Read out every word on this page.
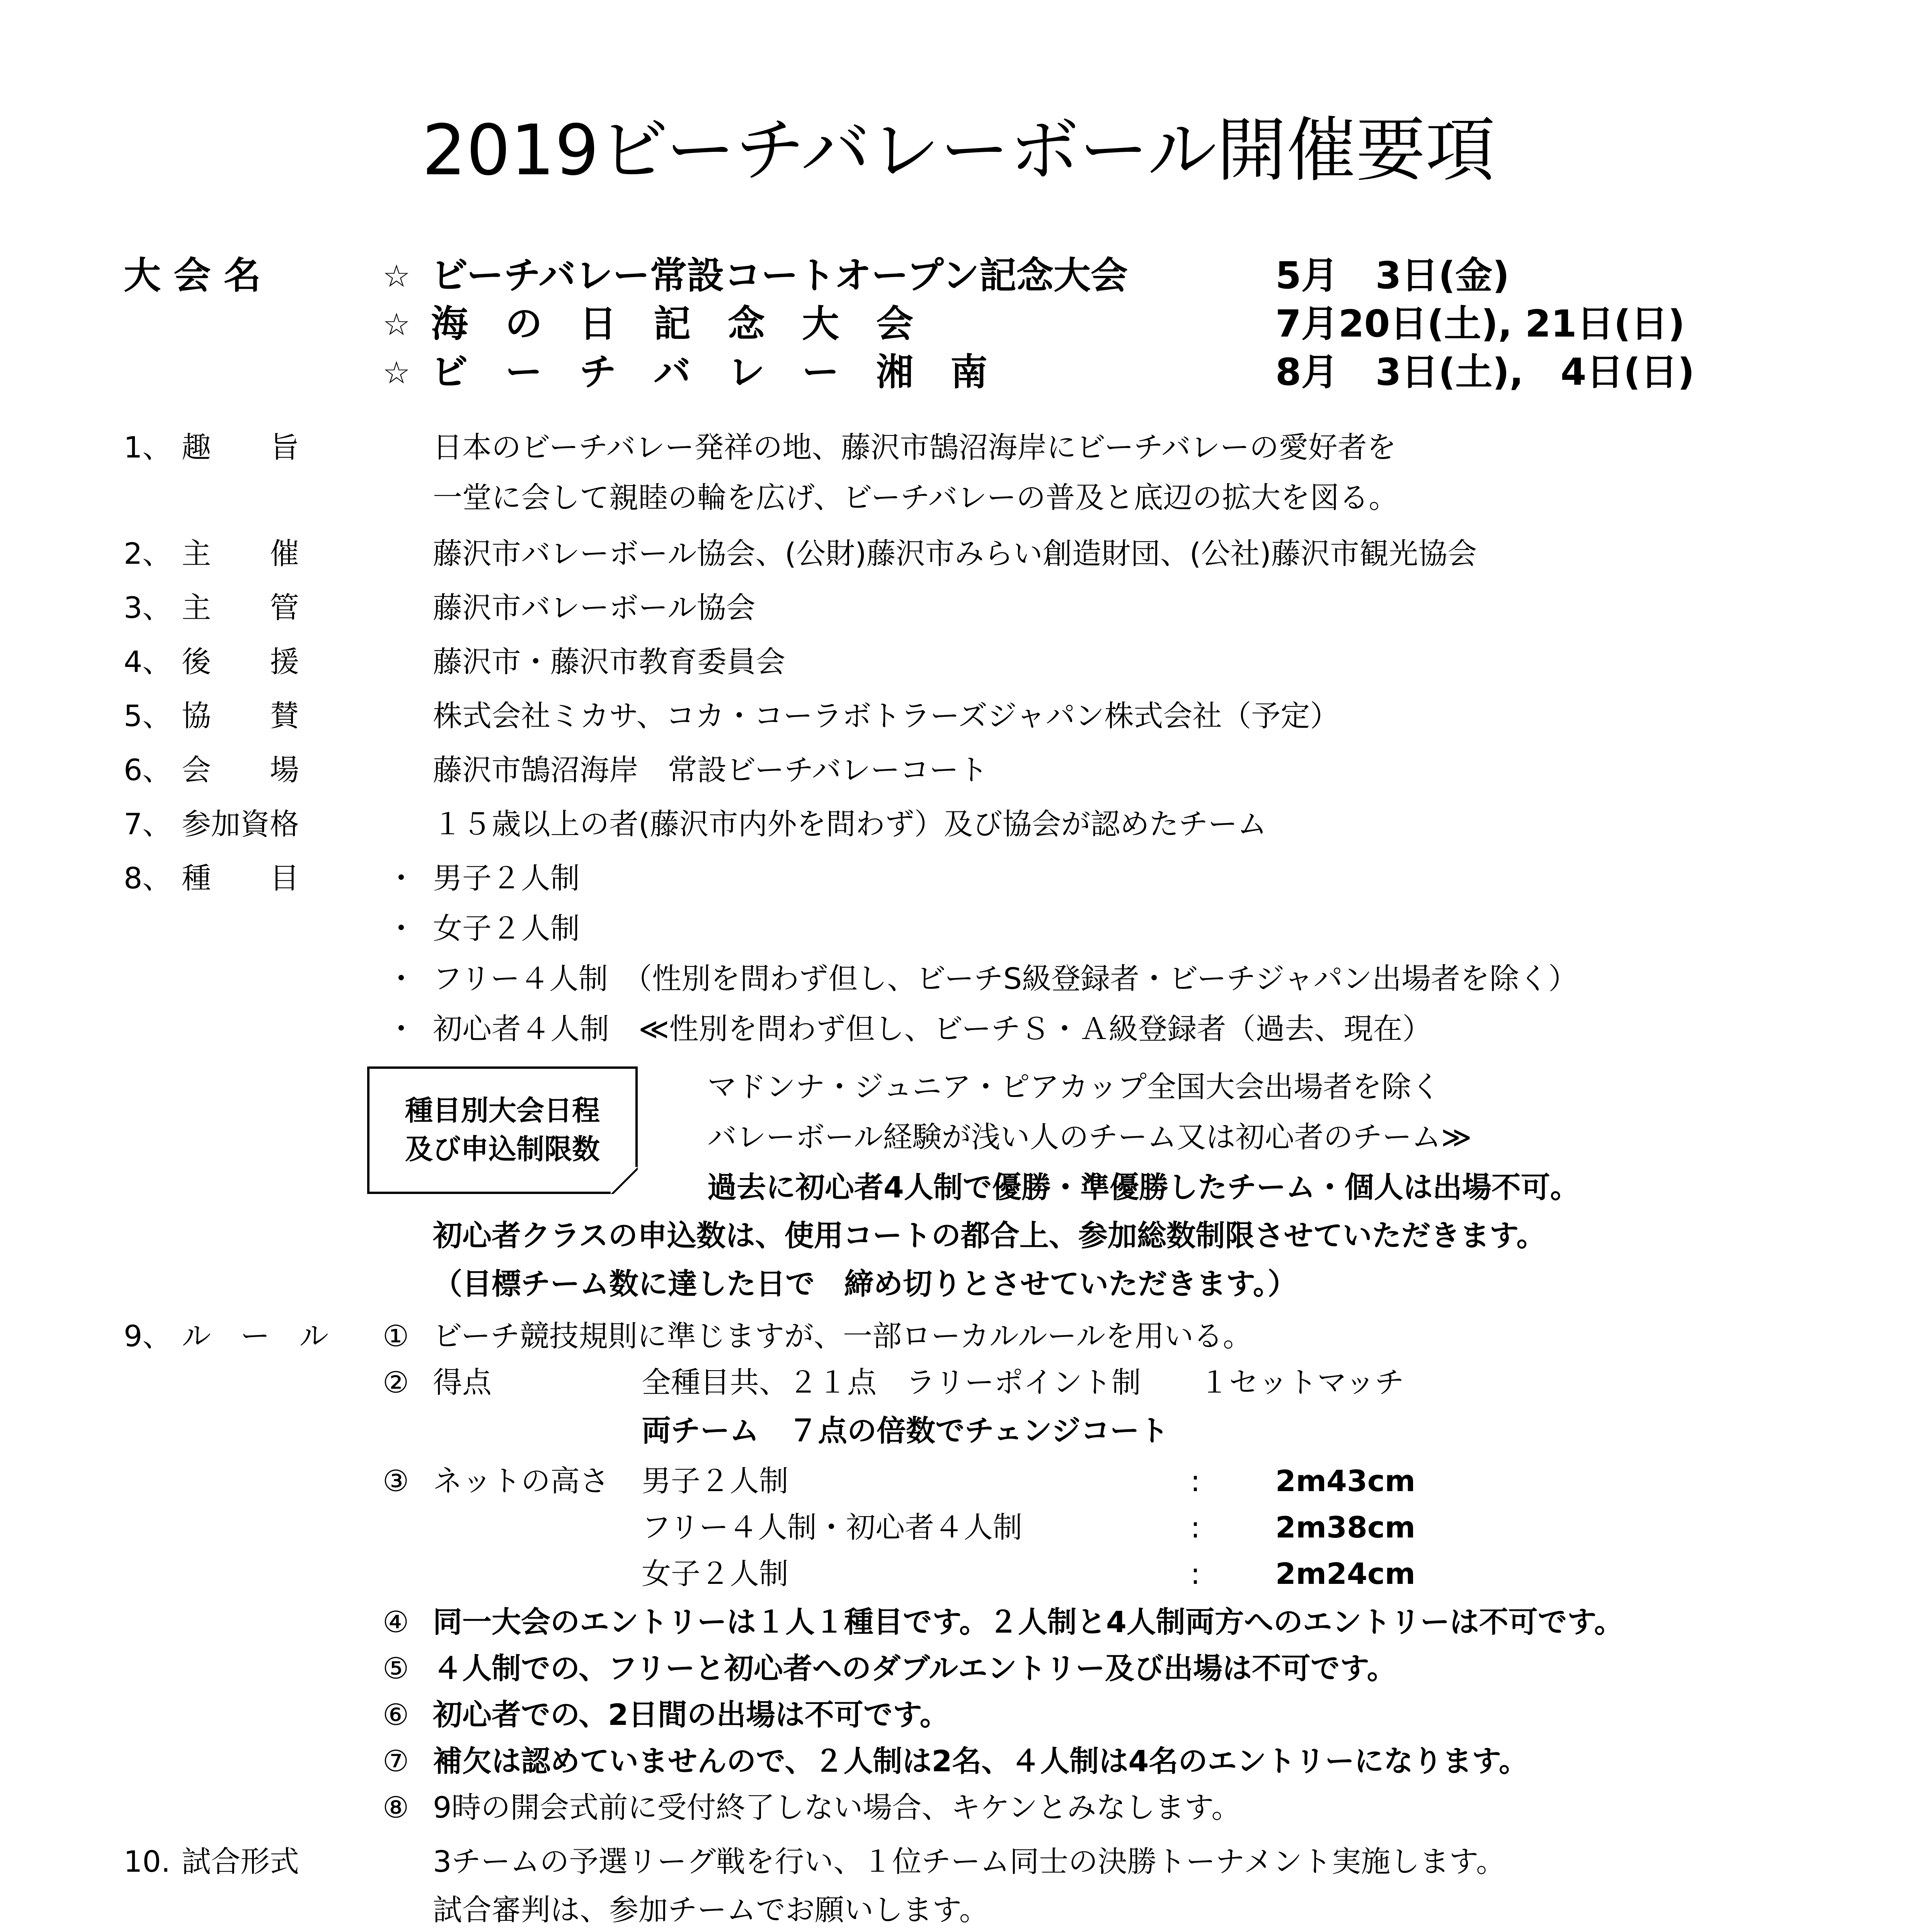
2019ビーチバレーボール開催要項
大 会 名	☆ ビーチバレー常設コートオープン記念大会	5月　3日(金)
☆ 海　の　日　記　念　大　会	7月20日(土), 21日(日)
☆ ビ　ー　チ　バ　レ　ー　湘　南	8月　3日(土),　4日(日)
1、 趣　　旨	日本のビーチバレー発祥の地、藤沢市鵠沼海岸にビーチバレーの愛好者を
一堂に会して親睦の輪を広げ、ビーチバレーの普及と底辺の拡大を図る。
2、 主　　催	藤沢市バレーボール協会、(公財)藤沢市みらい創造財団、(公社)藤沢市観光協会
3、 主　　管	藤沢市バレーボール協会
4、 後　　援	藤沢市・藤沢市教育委員会
5、 協　　賛	株式会社ミカサ、コカ・コーラボトラーズジャパン株式会社（予定）
6、 会　　場	藤沢市鵠沼海岸　常設ビーチバレーコート
7、 参加資格	１５歳以上の者(藤沢市内外を問わず）及び協会が認めたチーム
8、 種　　目	・ 男子２人制
・ 女子２人制
・ フリー４人制　（性別を問わず但し、ビーチS級登録者・ビーチジャパン出場者を除く）
・ 初心者４人制　≪性別を問わず但し、ビーチＳ・Ａ級登録者（過去、現在）
種目別大会日程
及び申込制限数
マドンナ・ジュニア・ピアカップ全国大会出場者を除く
バレーボール経験が浅い人のチーム又は初心者のチーム≫
過去に初心者4人制で優勝・準優勝したチーム・個人は出場不可。
初心者クラスの申込数は、使用コートの都合上、参加総数制限させていただきます。
（目標チーム数に達した日で　締め切りとさせていただきます。）
9、 ル　ー　ル ① ビーチ競技規則に準じますが、一部ローカルルールを用いる。
② 得点	全種目共、２１点　ラリーポイント制　　１セットマッチ
両チーム　７点の倍数でチェンジコート
③ ネットの高さ 男子２人制	:	2m43cm
フリー４人制・初心者４人制	:	2m38cm
女子２人制	:	2m24cm
④ 同一大会のエントリーは１人１種目です。２人制と4人制両方へのエントリーは不可です。
⑤ ４人制での、フリーと初心者へのダブルエントリー及び出場は不可です。
⑥ 初心者での、2日間の出場は不可です。
⑦ 補欠は認めていませんので、２人制は2名、４人制は4名のエントリーになります。
⑧ 9時の開会式前に受付終了しない場合、キケンとみなします。
10. 試合形式	3チームの予選リーグ戦を行い、１位チーム同士の決勝トーナメント実施します。
試合審判は、参加チームでお願いします。
